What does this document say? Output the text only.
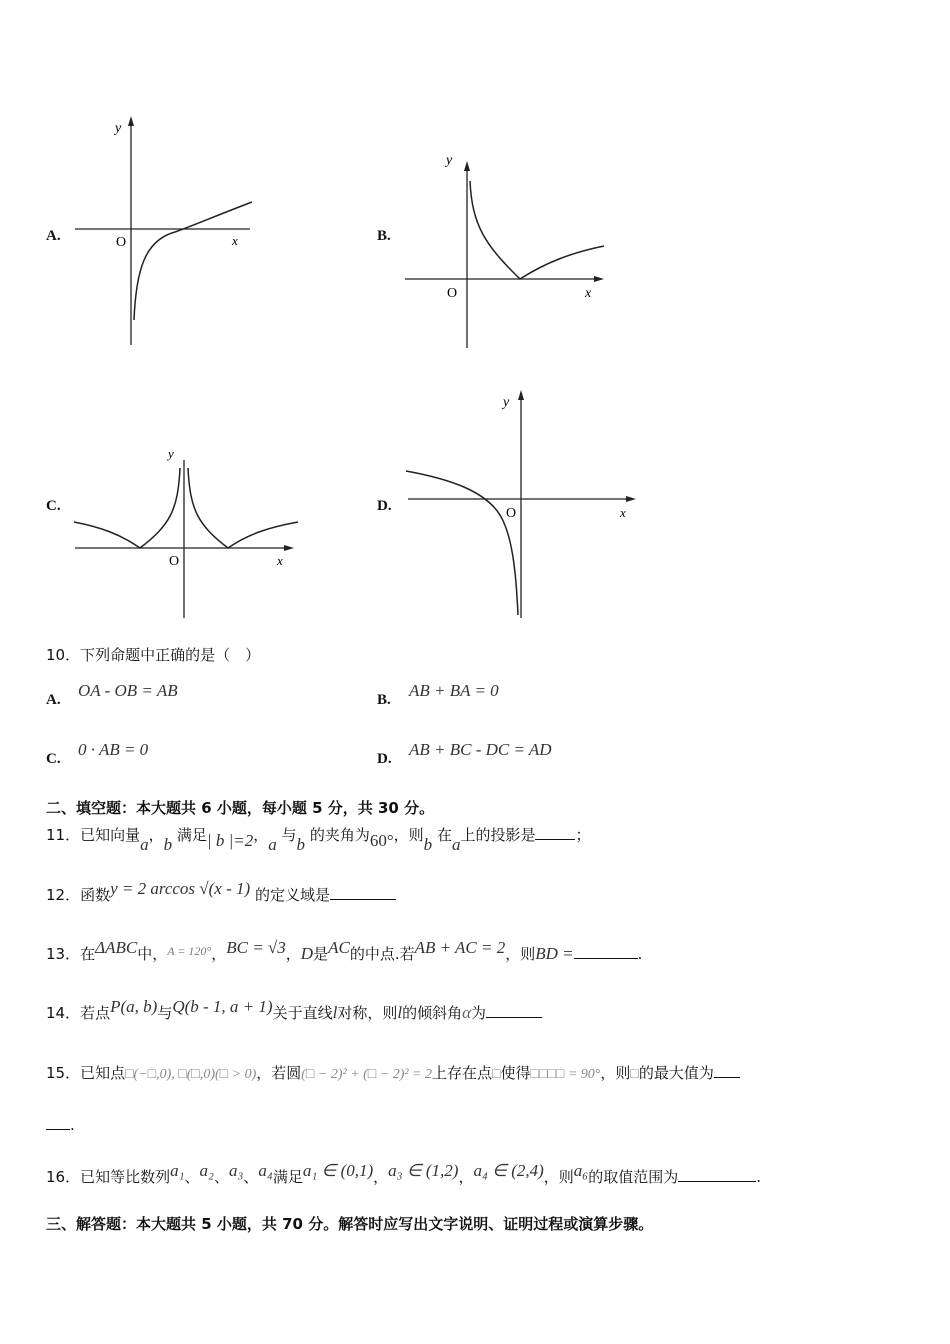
A.
y
x
O	B.
y
x
O
C.
y
x
O
D.
y
x
O
10．下列命题中正确的是（　）
A. OA - OB = AB	B. AB + BA = 0
C. 0 · AB = 0	D. AB + BC - DC = AD
二、填空题：本大题共 6 小题，每小题 5 分，共 30 分。
11．已知向量a，b 满足| b |=2，a 与b 的夹角为60°，则b 在a上的投影是	；
12．函数y = 2 arccos √(x - 1) 的定义域是
13．在ΔABC中，$^{A = 120^\circ}$，BC = √3，D是AC的中点.若AB + AC = 2，则BD =	.
14．若点P(a, b)与Q(b - 1, a + 1)关于直线l对称，则l的倾斜角α为
15．已知点□(−□,0), □(□,0)(□ > 0)，若圆(□ − 2)² + (□ − 2)² = 2上存在点□使得□□□□ = 90°，则□的最大值为
.
16．已知等比数列a₁、a₂、a₃、a₄满足a₁ ∈ (0,1)，a₃ ∈ (1,2)，a₄ ∈ (2,4)，则a₆的取值范围为	.
三、解答题：本大题共 5 小题，共 70 分。解答时应写出文字说明、证明过程或演算步骤。
